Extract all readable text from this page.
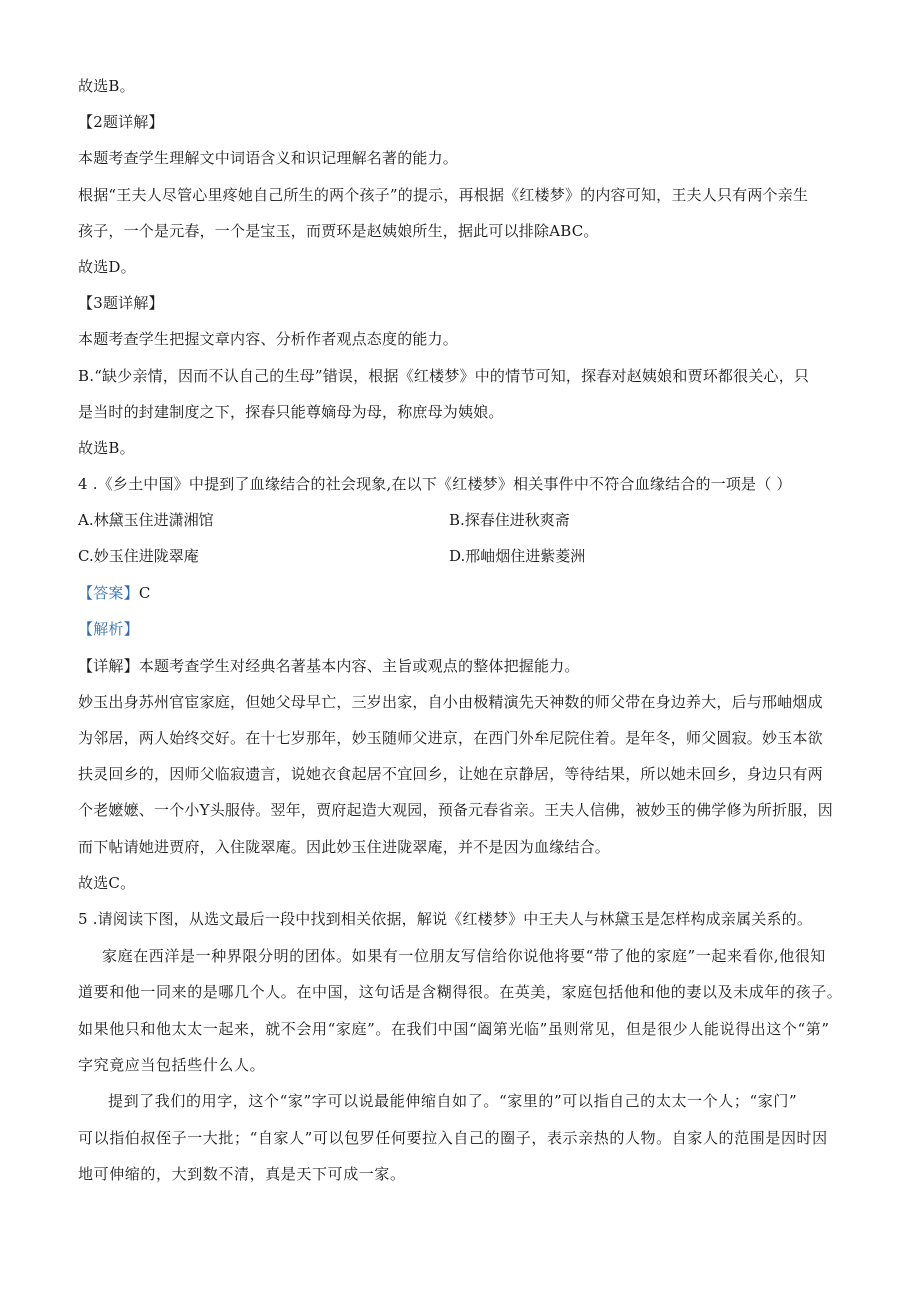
故选B。
【2题详解】
本题考查学生理解文中词语含义和识记理解名著的能力。
根据“王夫人尽管心里疼她自己所生的两个孩子”的提示，再根据《红楼梦》的内容可知，王夫人只有两个亲生
孩子，一个是元春，一个是宝玉，而贾环是赵姨娘所生，据此可以排除ABC。
故选D。
【3题详解】
本题考查学生把握文章内容、分析作者观点态度的能力。
B.“缺少亲情，因而不认自己的生母”错误，根据《红楼梦》中的情节可知，探春对赵姨娘和贾环都很关心，只
是当时的封建制度之下，探春只能尊嫡母为母，称庶母为姨娘。
故选B。
4 .《乡土中国》中提到了血缘结合的社会现象,在以下《红楼梦》相关事件中不符合血缘结合的一项是（ ）
A.林黛玉住进潇湘馆	B.探春住进秋爽斋
C.妙玉住进陇翠庵	D.邢岫烟住进紫菱洲
【答案】C
【解析】
【详解】本题考查学生对经典名著基本内容、主旨或观点的整体把握能力。
妙玉出身苏州官宦家庭，但她父母早亡，三岁出家，自小由极精演先天神数的师父带在身边养大，后与邢岫烟成
为邻居，两人始终交好。在十七岁那年，妙玉随师父进京，在西门外牟尼院住着。是年冬，师父圆寂。妙玉本欲
扶灵回乡的，因师父临寂遗言，说她衣食起居不宜回乡，让她在京静居，等待结果，所以她未回乡，身边只有两
个老嬷嬷、一个小Y头服侍。翌年，贾府起造大观园，预备元春省亲。王夫人信佛，被妙玉的佛学修为所折服，因
而下帖请她进贾府，入住陇翠庵。因此妙玉住进陇翠庵，并不是因为血缘结合。
故选C。
5 .请阅读下图，从选文最后一段中找到相关依据，解说《红楼梦》中王夫人与林黛玉是怎样构成亲属关系的。
家庭在西洋是一种界限分明的团体。如果有一位朋友写信给你说他将要“带了他的家庭”一起来看你,他很知
道要和他一同来的是哪几个人。在中国，这句话是含糊得很。在英美，家庭包括他和他的妻以及未成年的孩子。
如果他只和他太太一起来，就不会用“家庭”。在我们中国“阖第光临”虽则常见，但是很少人能说得出这个“第”
字究竟应当包括些什么人。
提到了我们的用字，这个“家”字可以说最能伸缩自如了。“家里的”可以指自己的太太一个人；“家门”
可以指伯叔侄子一大批；“自家人”可以包罗任何要拉入自己的圈子，表示亲热的人物。自家人的范围是因时因
地可伸缩的，大到数不清，真是天下可成一家。
